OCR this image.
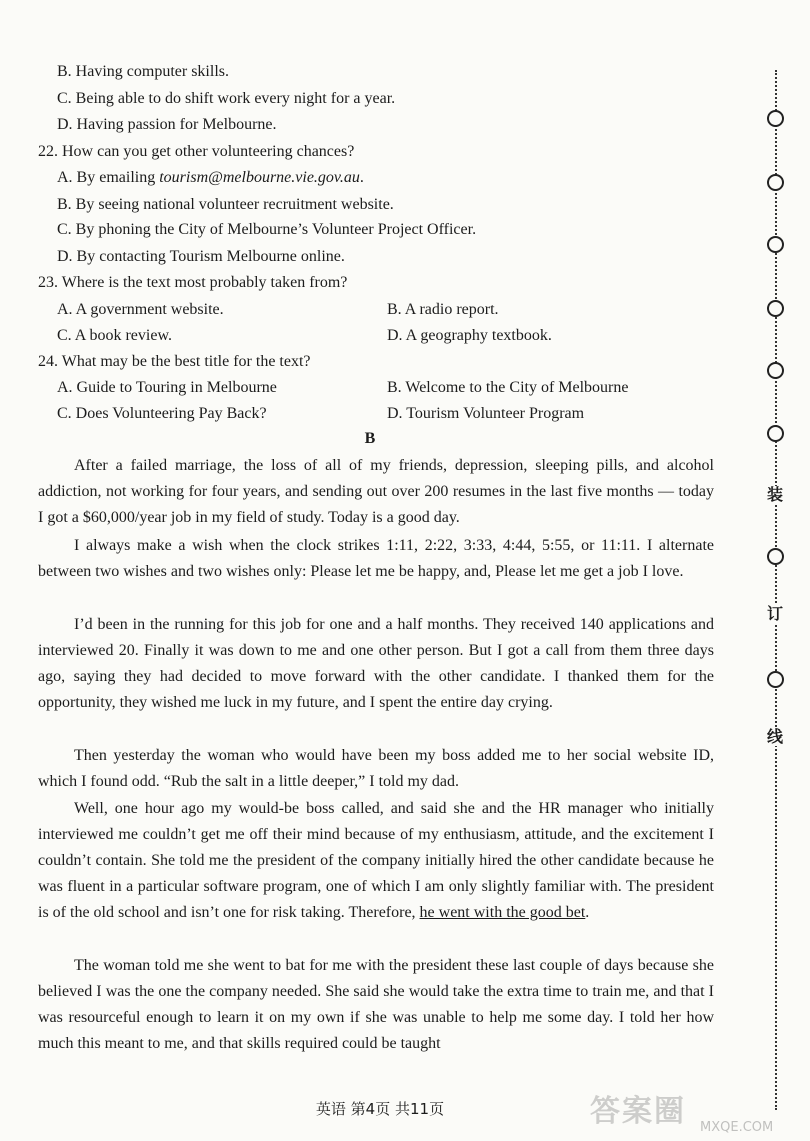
B. Having computer skills.
C. Being able to do shift work every night for a year.
D. Having passion for Melbourne.
22. How can you get other volunteering chances?
A. By emailing tourism@melbourne.vie.gov.au.
B. By seeing national volunteer recruitment website.
C. By phoning the City of Melbourne’s Volunteer Project Officer.
D. By contacting Tourism Melbourne online.
23. Where is the text most probably taken from?
A. A government website.	B. A radio report.
C. A book review.	D. A geography textbook.
24. What may be the best title for the text?
A. Guide to Touring in Melbourne	B. Welcome to the City of Melbourne
C. Does Volunteering Pay Back?	D. Tourism Volunteer Program
B
After a failed marriage, the loss of all of my friends, depression, sleeping pills, and alcohol addiction, not working for four years, and sending out over 200 resumes in the last five months — today I got a $60,000/year job in my field of study. Today is a good day.
I always make a wish when the clock strikes 1:11, 2:22, 3:33, 4:44, 5:55, or 11:11. I alternate between two wishes and two wishes only: Please let me be happy, and, Please let me get a job I love.
I’d been in the running for this job for one and a half months. They received 140 applications and interviewed 20. Finally it was down to me and one other person. But I got a call from them three days ago, saying they had decided to move forward with the other candidate. I thanked them for the opportunity, they wished me luck in my future, and I spent the entire day crying.
Then yesterday the woman who would have been my boss added me to her social website ID, which I found odd. “Rub the salt in a little deeper,” I told my dad.
Well, one hour ago my would-be boss called, and said she and the HR manager who initially interviewed me couldn’t get me off their mind because of my enthusiasm, attitude, and the excitement I couldn’t contain. She told me the president of the company initially hired the other candidate because he was fluent in a particular software program, one of which I am only slightly familiar with. The president is of the old school and isn’t one for risk taking. Therefore, he went with the good bet.
The woman told me she went to bat for me with the president these last couple of days because she believed I was the one the company needed. She said she would take the extra time to train me, and that I was resourceful enough to learn it on my own if she was unable to help me some day. I told her how much this meant to me, and that skills required could be taught
英语 第4页 共11页
装
订
线
答案圈 MXQE.COM
